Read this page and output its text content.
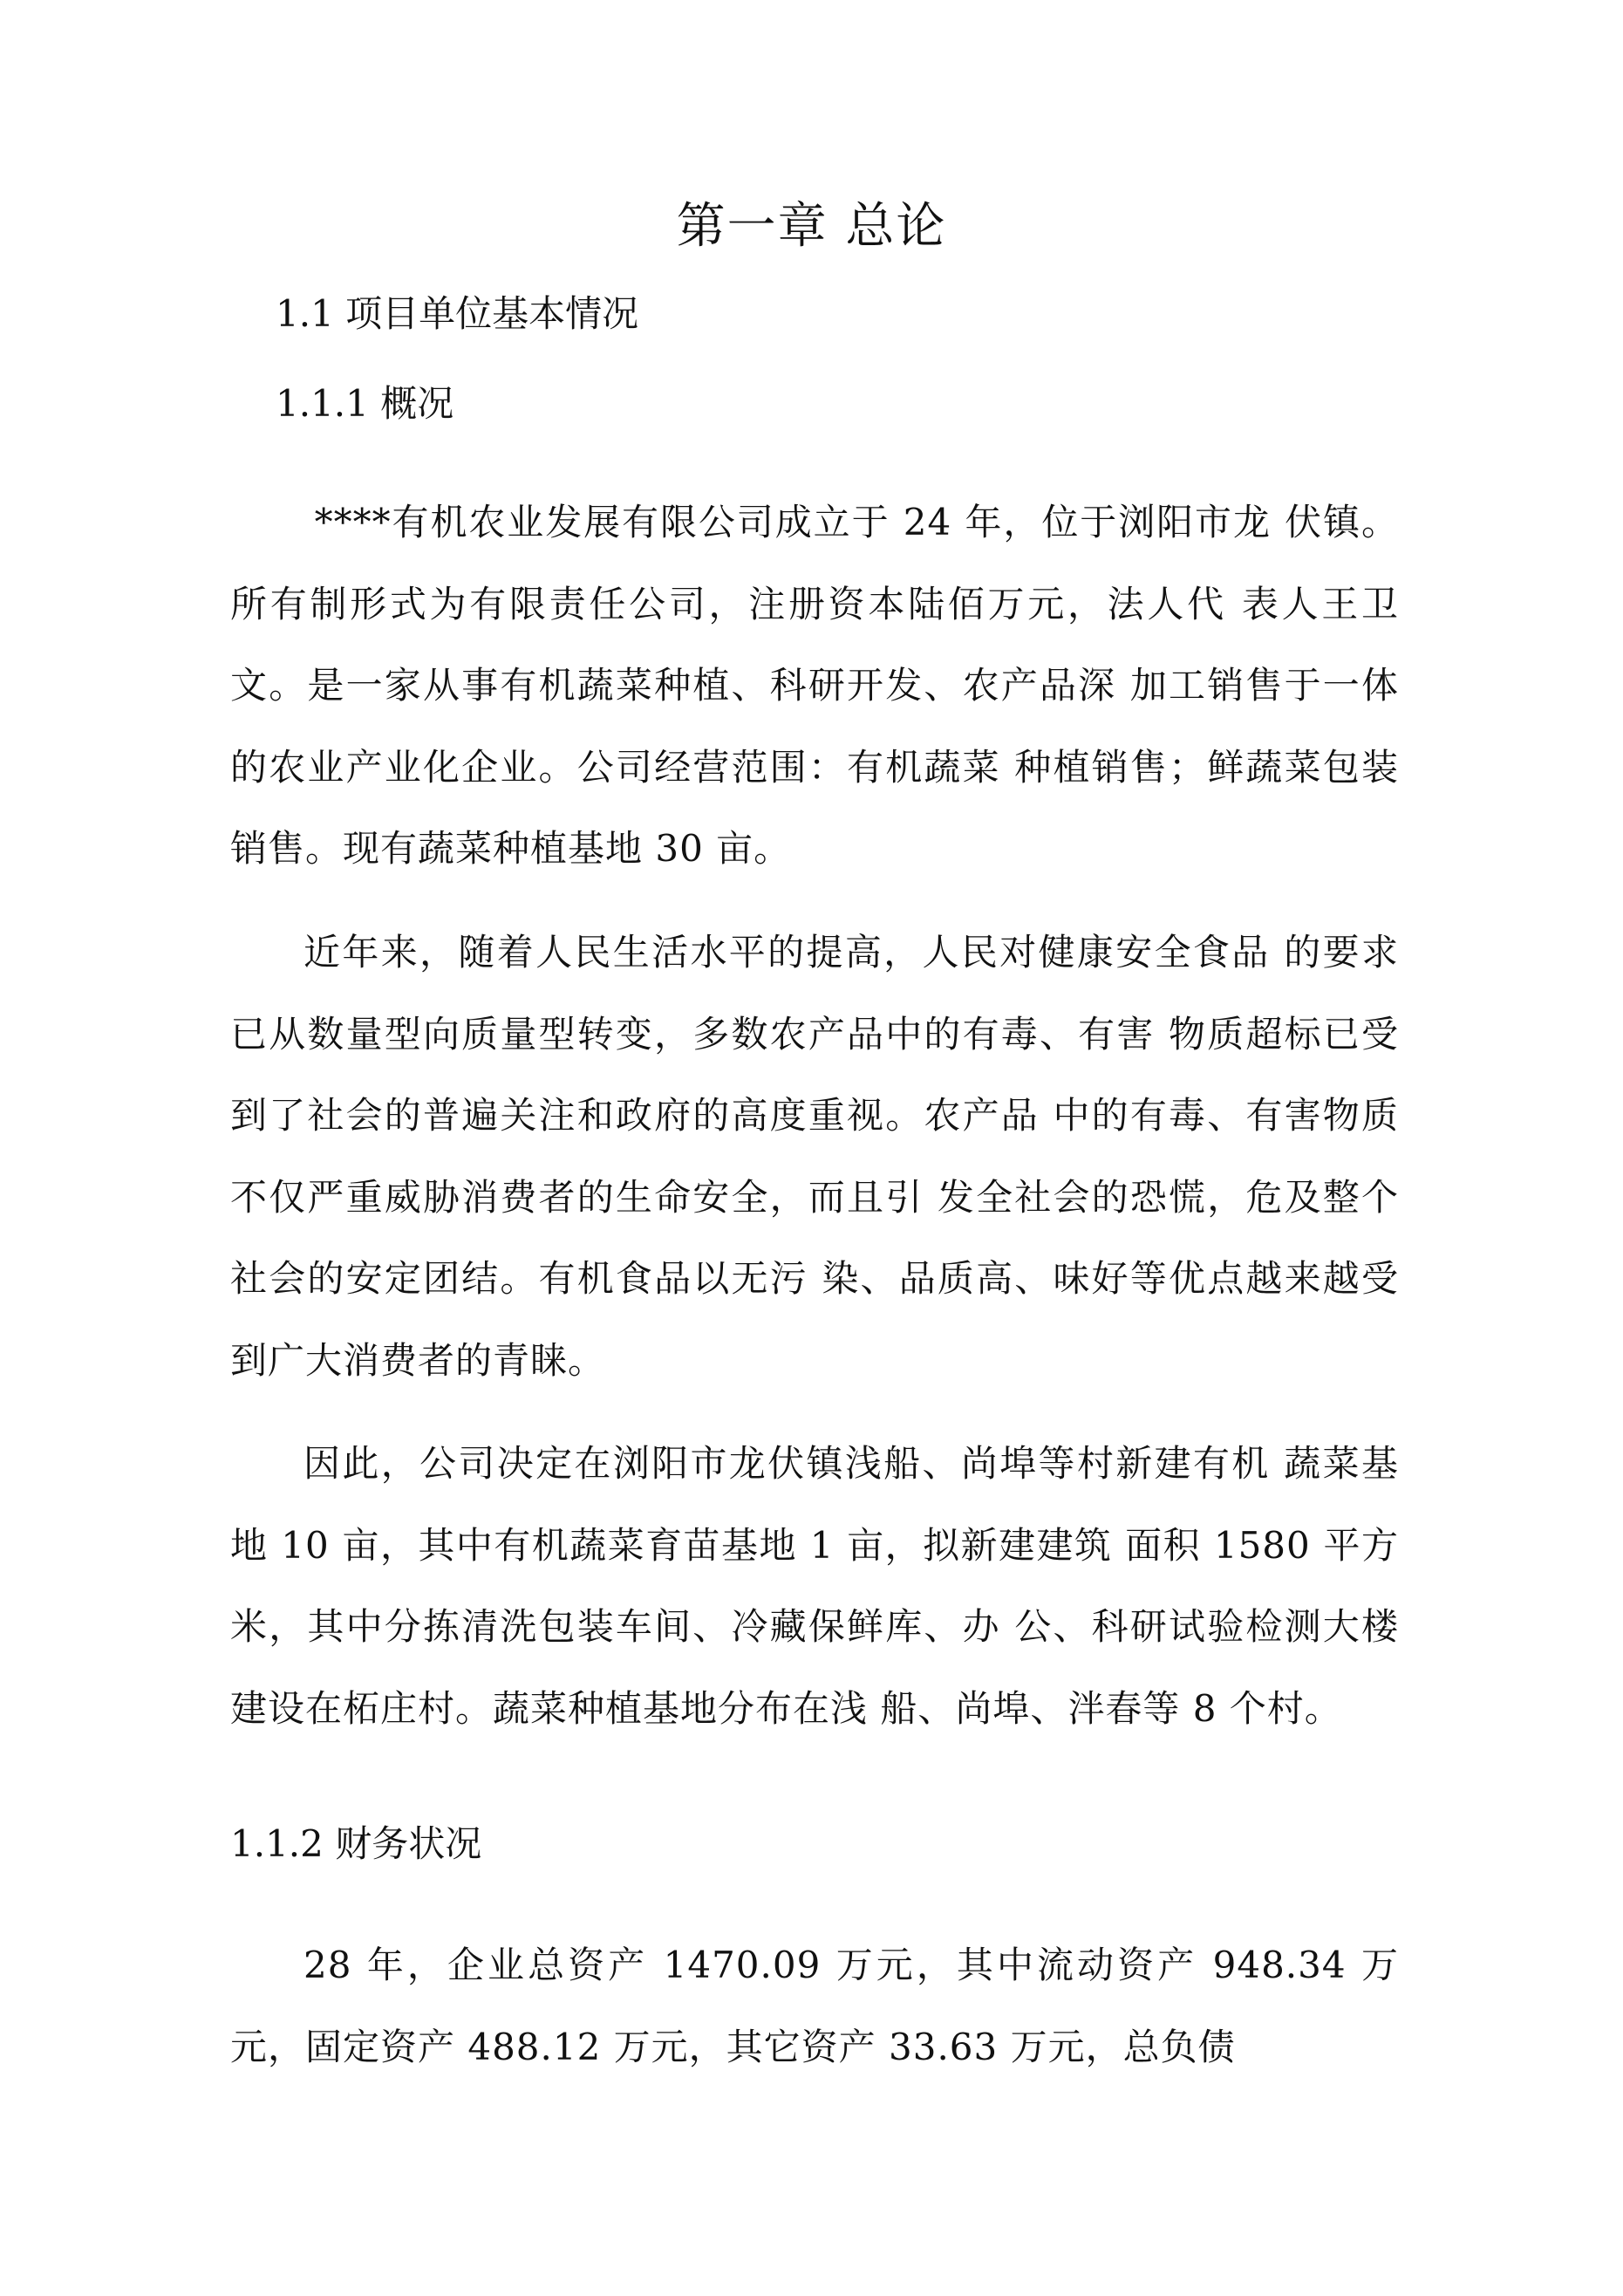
第一章 总论
1.1 项目单位基本情况
1.1.1 概况

****有机农业发展有限公司成立于 24 年，位于浏阳市龙 伏镇。所有制形式为有限责任公司，注册资本陆佰万元，法人代 表人王卫文。是一家从事有机蔬菜种植、科研开发、农产品深 加工销售于一体的农业产业化企业。公司经营范围：有机蔬菜 种植销售；鲜蔬菜包装销售。现有蔬菜种植基地 30 亩。

近年来，随着人民生活水平的提高，人民对健康安全食品 的要求已从数量型向质量型转变，多数农产品中的有毒、有害 物质超标已受到了社会的普遍关注和政府的高度重视。农产品 中的有毒、有害物质不仅严重威胁消费者的生命安全，而且引 发全社会的恐慌，危及整个社会的安定团结。有机食品以无污 染、品质高、味好等优点越来越受到广大消费者的青睐。

因此，公司决定在浏阳市龙伏镇浅船、尚埠等村新建有机 蔬菜基地 10 亩，其中有机蔬菜育苗基地 1 亩，拟新建建筑 面积 1580 平方米，其中分拣清洗包装车间、冷藏保鲜库、办 公、科研试验检测大楼建设在柘庄村。蔬菜种植基地分布在浅 船、尚埠、泮春等 8 个村。

1.1.2 财务状况

28 年，企业总资产 1470.09 万元，其中流动资产 948.34 万元，固定资产 488.12 万元，其它资产 33.63 万元，总负债
